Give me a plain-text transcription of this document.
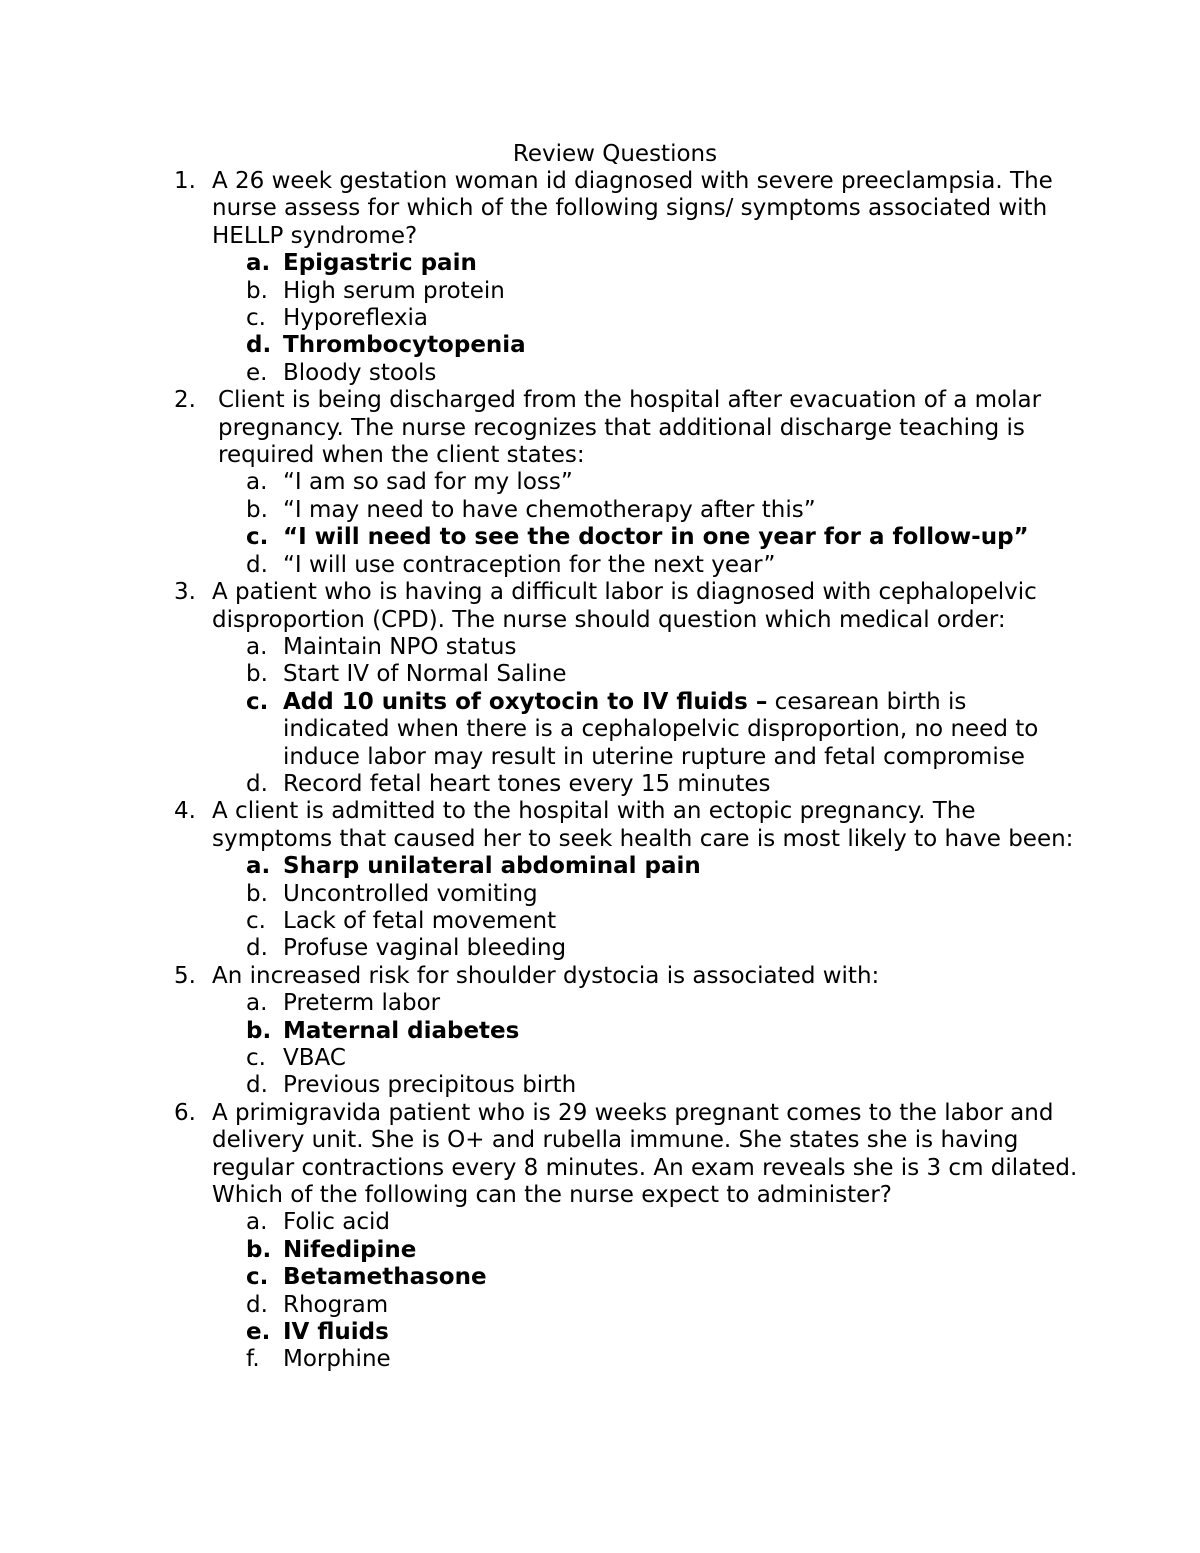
Review Questions
1. A 26 week gestation woman id diagnosed with severe preeclampsia. The nurse assess for which of the following signs/ symptoms associated with HELLP syndrome?
a. Epigastric pain
b. High serum protein
c. Hyporeflexia
d. Thrombocytopenia
e. Bloody stools
2. Client is being discharged from the hospital after evacuation of a molar pregnancy. The nurse recognizes that additional discharge teaching is required when the client states:
a. “I am so sad for my loss”
b. “I may need to have chemotherapy after this”
c. “I will need to see the doctor in one year for a follow-up”
d. “I will use contraception for the next year”
3. A patient who is having a difficult labor is diagnosed with cephalopelvic disproportion (CPD). The nurse should question which medical order:
a. Maintain NPO status
b. Start IV of Normal Saline
c. Add 10 units of oxytocin to IV fluids – cesarean birth is indicated when there is a cephalopelvic disproportion, no need to induce labor may result in uterine rupture and fetal compromise
d. Record fetal heart tones every 15 minutes
4. A client is admitted to the hospital with an ectopic pregnancy. The symptoms that caused her to seek health care is most likely to have been:
a. Sharp unilateral abdominal pain
b. Uncontrolled vomiting
c. Lack of fetal movement
d. Profuse vaginal bleeding
5. An increased risk for shoulder dystocia is associated with:
a. Preterm labor
b. Maternal diabetes
c. VBAC
d. Previous precipitous birth
6. A primigravida patient who is 29 weeks pregnant comes to the labor and delivery unit. She is O+ and rubella immune. She states she is having regular contractions every 8 minutes. An exam reveals she is 3 cm dilated. Which of the following can the nurse expect to administer?
a. Folic acid
b. Nifedipine
c. Betamethasone
d. Rhogram
e. IV fluids
f.	Morphine
